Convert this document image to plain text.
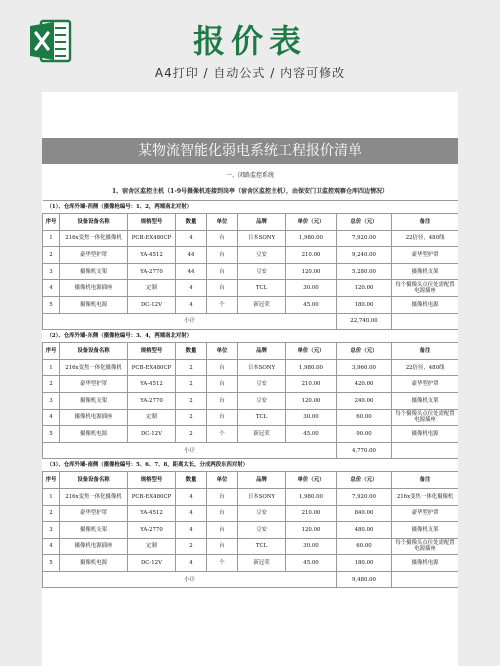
报价表
A4打印 / 自动公式 / 内容可修改
某物流智能化弱电系统工程报价清单
一、闭路监控系统
1、宿舍区监控主机（1-9号摄像机连接到岗亭（宿舍区监控主机），由保安门卫监控观察仓库四边情况）
（1）、仓库外墙-西侧（摄像枪编号：1、2，两端南北对射）								
序号	设备设备名称	规格型号	数量	单位	品牌	单价（元）	总价（元）	备注
1	216x变焦一体化摄像机	PCB-EX480CP	4	台	日本SONY	1,980.00	7,920.00	22倍径，480线
2	豪华型护罩	YA-4512	44	台	豆安	210.00	9,240.00	豪华型护罩
3	摄像机支架	YA-2770	44	台	豆安	120.00	5,280.00	摄像机支架
4	摄像机电源插座	定制	4	台	TCL	30.00	120.00	每个摄像头点位处需配置电源插座
5	摄像机电源	DC-12V	4	个	新冠荣	45.00	180.00	摄像机电源
小计							22,740.00	
（2）、仓库外墙-东侧（摄像枪编号：3、4，两端南北对射）								
序号	设备设备名称	规格型号	数量	单位	品牌	单价（元）	总价（元）	备注
1	216x变焦一体化摄像机	PCB-EX480CP	2	台	日本SONY	1,980.00	3,960.00	22倍径，480线
2	豪华型护罩	YA-4512	2	台	豆安	210.00	420.00	豪华型护罩
3	摄像机支架	YA-2770	2	台	豆安	120.00	240.00	摄像机支架
4	摄像机电源插座	定制	2	台	TCL	30.00	60.00	每个摄像头点位处需配置电源插座
5	摄像机电源	DC-12V	2	个	新冠荣	45.00	90.00	摄像机电源
小计							4,770.00	
（3）、仓库外墙-南侧（摄像枪编号：5、6、7、8，距离太长，分成两段东西对射）								
序号	设备设备名称	规格型号	数量	单位	品牌	单价（元）	总价（元）	备注
1	216x变焦一体化摄像机	PCB-EX480CP	4	台	日本SONY	1,980.00	7,920.00	216x变焦一体化摄像机
2	豪华型护罩	YA-4512	4	台	豆安	210.00	840.00	豪华型护罩
3	摄像机支架	YA-2770	4	台	豆安	120.00	480.00	摄像机支架
4	摄像机电源插座	定制	2	台	TCL	30.00	60.00	每个摄像头点位处需配置电源插座
5	摄像机电源	DC-12V	4	个	新冠荣	45.00	180.00	摄像机电源
小计							9,480.00	
